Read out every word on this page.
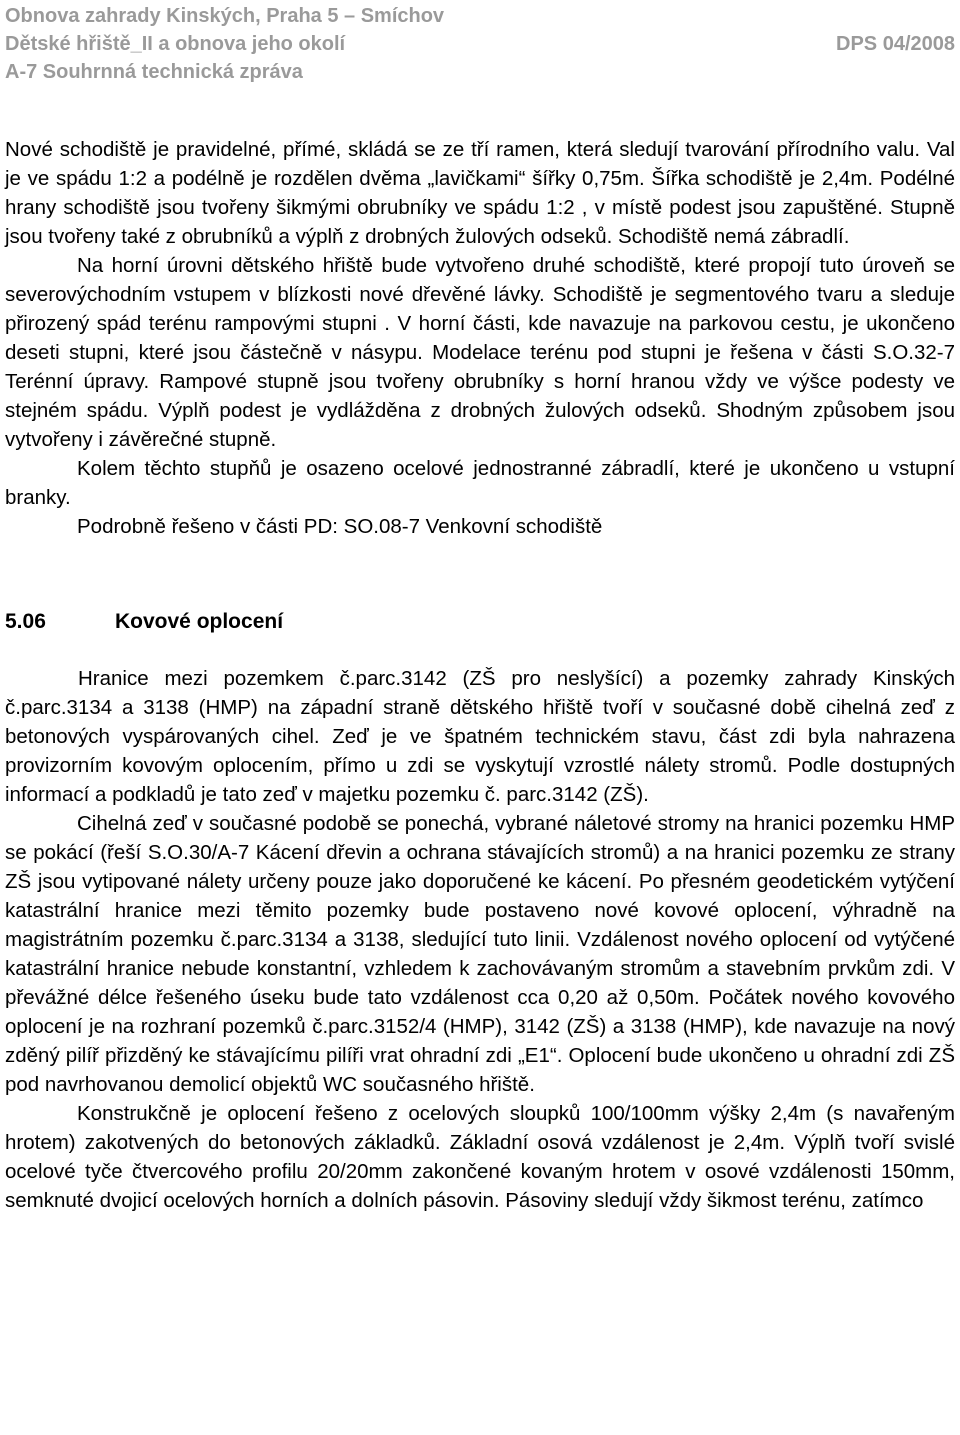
Obnova zahrady Kinských, Praha 5 – Smíchov
Dětské hřiště_II a obnova jeho okolí	DPS 04/2008
A-7 Souhrnná technická zpráva

Nové schodiště je pravidelné, přímé, skládá se ze tří ramen, která sledují tvarování přírodního valu. Val je ve spádu 1:2 a podélně je rozdělen dvěma „lavičkami“ šířky 0,75m. Šířka schodiště je 2,4m. Podélné hrany schodiště jsou tvořeny šikmými obrubníky ve spádu 1:2 , v místě podest jsou zapuštěné. Stupně jsou tvořeny také z obrubníků a výplň z drobných žulových odseků. Schodiště nemá zábradlí.

Na horní úrovni dětského hřiště bude vytvořeno druhé schodiště, které propojí tuto úroveň se severovýchodním vstupem v blízkosti nové dřevěné lávky. Schodiště je segmentového tvaru a sleduje přirozený spád terénu rampovými stupni . V horní části, kde navazuje na parkovou cestu, je ukončeno deseti stupni, které jsou částečně v násypu. Modelace terénu pod stupni je řešena v části S.O.32-7 Terénní úpravy. Rampové stupně jsou tvořeny obrubníky s horní hranou vždy ve výšce podesty ve stejném spádu. Výplň podest je vydlážděna z drobných žulových odseků. Shodným způsobem jsou vytvořeny i závěrečné stupně.

Kolem těchto stupňů je osazeno ocelové jednostranné zábradlí, které je ukončeno u vstupní branky.

Podrobně řešeno v části PD: SO.08-7 Venkovní schodiště

5.06	Kovové oplocení

Hranice mezi pozemkem č.parc.3142 (ZŠ pro neslyšící) a pozemky zahrady Kinských č.parc.3134 a 3138 (HMP) na západní straně dětského hřiště tvoří v současné době cihelná zeď z betonových vyspárovaných cihel. Zeď je ve špatném technickém stavu, část zdi byla nahrazena provizorním kovovým oplocením, přímo u zdi se vyskytují vzrostlé nálety stromů. Podle dostupných informací a podkladů je tato zeď v majetku pozemku č. parc.3142 (ZŠ).

Cihelná zeď v současné podobě se ponechá, vybrané náletové stromy na hranici pozemku HMP se pokácí (řeší S.O.30/A-7 Kácení dřevin a ochrana stávajících stromů) a na hranici pozemku ze strany ZŠ jsou vytipované nálety určeny pouze jako doporučené ke kácení. Po přesném geodetickém vytýčení katastrální hranice mezi těmito pozemky bude postaveno nové kovové oplocení, výhradně na magistrátním pozemku č.parc.3134 a 3138, sledující tuto linii. Vzdálenost nového oplocení od vytýčené katastrální hranice nebude konstantní, vzhledem k zachovávaným stromům a stavebním prvkům zdi. V převážné délce řešeného úseku bude tato vzdálenost cca 0,20 až 0,50m. Počátek nového kovového oplocení je na rozhraní pozemků č.parc.3152/4 (HMP), 3142 (ZŠ) a 3138 (HMP), kde navazuje na nový zděný pilíř přizděný ke stávajícímu pilíři vrat ohradní zdi „E1“. Oplocení bude ukončeno u ohradní zdi ZŠ pod navrhovanou demolicí objektů WC současného hřiště.

Konstrukčně je oplocení řešeno z ocelových sloupků 100/100mm výšky 2,4m (s navařeným hrotem) zakotvených do betonových základků. Základní osová vzdálenost je 2,4m. Výplň tvoří svislé ocelové tyče čtvercového profilu 20/20mm zakončené kovaným hrotem v osové vzdálenosti 150mm, semknuté dvojicí ocelových horních a dolních pásovin. Pásoviny sledují vždy šikmost terénu, zatímco
